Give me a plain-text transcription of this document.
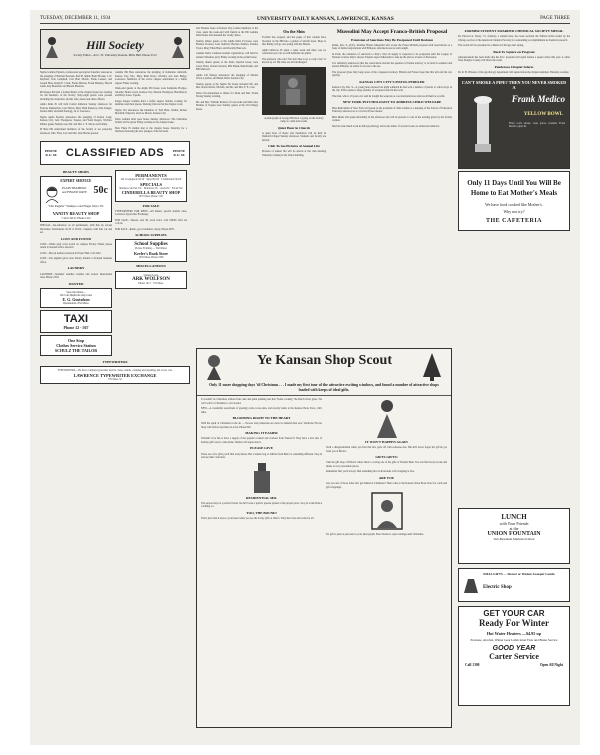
TUESDAY, DECEMBER 11, 1934	UNIVERSITY DAILY KANSAN, LAWRENCE, KANSAS	PAGE THREE
Hill Society
Society Editor—K.U. 35, University Kansan, Mills Hall, Phone 2152
Sigma Gamma Epsilon, professional geological fraternity announces the pledging of Herman Petersen, Paul B. Smith, Basil Hronek, J. W. Rayburn, Ivan Campbell, Carl Burr Mofits, Frank Lesseer, and Joseph Hess. Ralph E. Clark, Frank Malotte, Frank Hensley, Harold Gunn, Ray Boettcher and Harold Phenicie.
Phi Kappa Psi held a formal dinner at the chapter house last evening for the members of the faculty. Sixty-eight guests were present including the chancellor and his wife, deans and other officers.
Alpha Delta Pi will hold formal initiation Sunday afternoon for Frances Kirkpatrick, Lyle Fulton, Mary Beth Pomeroy, Irma Kruger, Donna Dahl, and Ruth Kellogg, all of Lawrence.
Sigma Alpha Epsilon announces the pledging of Robert Long, Kansas City; Jack Thompson, Topeka; and Ward Rogers, Wichita. Dinner guests Sunday were Mr. and Mrs. J. E. Moore and family.
Pi Beta Phi entertained members of the faculty at tea yesterday afternoon. Mrs. Flora Carr and Mrs. Jane Harlan poured.
Gamma Phi Beta announces the pledging of Katherine Gilbraith, Kansas City, Mo.; Mary Ruth Davis, Wichita; and Jean Bailey, Lawrence. Members of the active chapter entertained at a buffet supper Friday evening.
Week-end guests at the Alpha Phi house were Katherine Hodges, Sabetha; Helen Lewis, Kansas City; Marion Thompson, Hutchinson; and Betty Jones, Topeka.
Kappa Kappa Gamma held a buffet supper Sunday evening for members and their guests. Dancing followed in the chapter room.
Sigma Chi announces the initiation of Tom Hale, Olathe; Robert Marshall, Emporia; and Lee Morris, Kansas City.
Delta Gamma held open house Sunday afternoon. The Christmas formal will be given Friday evening at the chapter house.
Beta Theta Pi alumni met at the chapter house Saturday for a luncheon honoring the new pledges of the fall term.
PHONE K.U. 66 CLASSIFIED ADS	PHONE K.U. 66
BEAUTY SHOPS
EXPERT SERVICE
PLAIN SHAMPOO and FINGER WAVE 50c
"Our Regular" Shampoo and Finger Wave 35c
VANITY BEAUTY SHOP
7 and 11th St. Phone 1212
SPECIAL—Re-reduction on all permanents, with this ad, except December. Permanents $1.50 to $5.00, complete with hair cut and set.
LOST AND FOUND
LOST—White gold wrist watch on campus Friday. Finder please return to Kansan office. Reward.
LOST—Brown leather notebook in Fraser Hall. Call 2452.
LOST—Tan pigskin glove near library. Return to Kansan business office.
LAUNDRY
LAUNDRY—Students' bundles washed and ironed. Reasonable rates. Phone 2318.
WANTED
Save the Dates—
We Can Duplicate Any Lens
E. G. Gustafson
Optometrist, 832 Mass.
TAXI
Phone 12 - 567
One Stop
Clothes Service Station
SCHULZ THE TAILOR
PERMANENTS
Oil Croquignole $3.50 · Spiral $5.00 · Combination $5.00
SPECIALS
Shampoo and Set 35c · Manicure 35c · Arch 25c · Facial 50c
CINDERELLA BEAUTY SHOP
1037 Mass. Phone 1107
FOR SALE
TYPEWRITERS FOR RENT—All makes, special student rates. Lawrence Typewriter Exchange.
FOR SALE—Tuxedo, size 38, worn twice. Call 1893W after six o'clock.
FOR SALE—Radio, good condition, cheap. Phone 2870.
SCHOOL SUPPLIES
School Supplies
Picture Framing — Wall Paper
Keeler's Book Store
1033 Mass. Phone 1080
MISCELLANEOUS
Student Loans
ARK WOLFSON
Phone 1215 · 719 Mass.
TYPEWRITERS
TYPEWRITERS—We have complete typewriter service. Sales, rentals, cleaning and repairing. All at low cost.
LAWRENCE TYPEWRITER EXCHANGE
735 Mass. St.
and Thomas Jones of Kansas City, former members of the class, spent the week-end with friends at the Phi Gamma Delta house and attended the varsity dance.
Sunday dinner guests at the Alpha Delta Pi house were Barbara Dodson, Joan Sullivan, Barbara Pember, Pauline Taylor, Mary Ellen Hunt, and Dorothy Hancock.
Gamma Delta, Lutheran student organization, will hold its annual Christmas party Friday evening in the parish house.
Sunday dinner guests at the Delta Upsilon house were Grace Wren, Charles Stevens, Phil Shank, Ruth Parker, and Bill Maxwell.
Alpha Chi Omega announces the pledging of Marian Wood, Lyndon; and Helen Wells, Kansas City.
Sunday guests at the Sigma Nu house included Mr. and Mrs. Robert Rolfe, Wichita, and Mr. and Mrs. F. E. Cole.
Delta Chi entertained at dinner for Dean and Mrs. Frank Strong Sunday evening.
Mr. and Mrs. William Roberts of Concordia and Miss Jane Holmes of Topeka were Sunday guests at the Chi Omega house.
On the Shin
Football has stopped, and the pages of this column have bloomed on the Hill into a garden of wistful notes. Hope is that Jimmy will go one spring with the Hawks.
Alpha Omicron Pi spent a quiet week and there was no celebration yet, but we still maintain our spirits.
The professor who said "We don't like to go to early class" is known by all. His rules are still unchanged.
A photograph of George Harrison copying on the Library ramp as a mid-term exam.
Quiet Hour in Church
A quiet hour of music and meditation will be held in Danforth Chapel Sunday afternoon. Students and faculty are invited.
Club To See Pictures of Annual Life
Pictures of annual life will be shown at the club meeting Thursday evening in the Union building.
Mussolini May Accept Franco-British Proposal
Extension of Sanctions May Be Postponed Until Decision
Rome, Dec. 9—(UP)—Premier Benito Mussolini will accept the Franco-British proposal with reservations as a basis of further negotiations with Ethiopia, informed sources said tonight.
In Paris, the extension of sanctions to Italy's vital oil supply is expected to be postponed until the League of Nations receives Italy's answer. Experts expect Mussolini to take up the plan as a basis of discussion.
It is definitely understood that the reservations include the question of Italian territory to be held in southern and eastern Ethiopia, in return for access to the sea.
The proposal gives Italy large areas of the conquered territory. Britain and France hope that this will end the war quickly.
KANSAS CITY CITY'S PISTOL PEDDLER
Kansas City, Dec. 9—A young man arrested last night admitted he had sold a number of pistols to school boys in the city. Police seized a large quantity of weapons found in his room.
The man, who is 19 years old, said he bought the weapons at a second-hand store and resold them at a profit.
NEW YORK PSYCHOLOGIST TO ADDRESS CHILD WELFARE
Miss Ruth Mann of New York will speak on the problems of child welfare at a meeting of the School of Education Thursday afternoon at 4 o'clock in Fraser theater.
Miss Mann will speak informally in the afternoon and will be present at a tea in the evening given by the faculty women.
She has done much work in child psychology and is the author of several books on adolescent behavior.
FORMER STUDENT AWARDED CHEMICAL SOCIETY MEDAL
Dr. Edward A. Doisy, '15, formerly a student here, has been awarded the Willard Gibbs medal by the Chicago section of the American Chemical Society for outstanding accomplishment in chemical research.
The award will be presented at a dinner in Chicago next spring.
Back To Square on Program
Announcement has been made that the K.U. program will again feature a square dance this year. A caller from Douglas County will direct the event.
Ponderosa Chapter Selects
Dr. R. H. Wheeler of the psychology department will speak before the chapter members Thursday evening.
CAN'T SMOKE A PIPE? THEN YOU NEVER SMOKED A
Frank Medico
YELLOW BOWL
Filter cools smoke, traps juices. Genuine Frank Medico pipes $1.
Only 11 Days Until You Will Be Home to Eat Mother's Meals
We have food cooked like Mother's.
Why not try?
THE CAFETERIA
Ye Kansan Shop Scout
Only 11 more shopping days 'til Christmas . . . I made my first tour of the attractive exciting windows, and found a number of attractive shops loaded with keeps of ideal gifts.
It wouldn't be Christmas without fruit cake and plum pudding and that "home cooking" the Dutch Oven gives. We can't wait for Christmas to roll around.
NEW—A wonderful assortment of greeting cards, book ends, and novelty items at the Kansas Book Store, 1401 Ohio.
BLOOMING RIGHT TO THE HEART
With the spirit of Christmas in the air — flowers and poinsettias are more in demand than ever. Wardrobe Flower Shop will deliver anywhere in town. Phone 820.
MAKING IT EASIER
Wouldn't it be fun to have a supply of the popular cocktail and crackers from Weaver's? They have a nice line of holiday gift boxes to take home. Mother will appreciate it.
PLEASE GIVE
There are a few gifts you'll find everywhere. But a leather bag or billfold from Bell's is something different. Stop in and see their collection.
RESIDENTIAL MIL
The person may be a perfect friend, but he'll want a perfect present picked at the proper place. Stop in at the Palace Clothing Co.
TOO, THE BOUND!
That's just what it does to your heart when you see the lovely gifts at Ober's. They have ties and socks for all.
IT WON'T HAPPEN AGAIN
Such a disappointment when you find that he's gone off with someone else. But he'll never forget the gift he got from you at Brick's.
GIFTS GIFTS!
Visit the gift shop of Elliott's where there's a loving one of the gifts of Normal Hunt. You can find lovely books and linens at very reasonable prices.
Remember that you'll always find something nice at Rowlands. Gift wrapping is free.
ARE YOU
Are you one of those folks who get behind at Christmas? Then come to the Kansas Union Book Store for cards and gift wrappings.
No gift is quite as personal as your photograph. Estes Studio is open evenings until Christmas.
LUNCH
with Your Friends
at the
UNION FOUNTAIN
Sub-Basement Memorial Union
XMAS GIFTS — Shaver or Washer-Sweeper Combs
Electric Shop
GET YOUR CAR
Ready For Winter
Hot Water Heaters ....$4.95 up
Prestone, Alcohol, Winter Gear Lubrication Tires and Brake Service
GOOD YEAR
Carter Service
Call 1300	Open All Night
